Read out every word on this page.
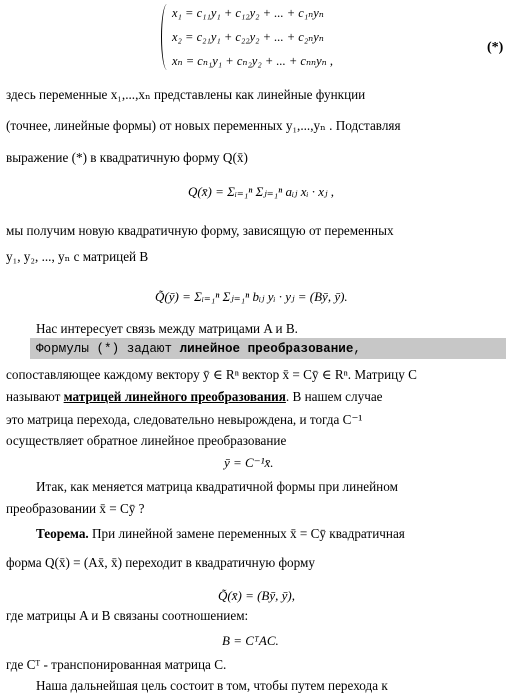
x₁ = c₁₁y₁ + c₁₂y₂ + ... + c₁ₙyₙ
x₂ = c₂₁y₁ + c₂₂y₂ + ... + c₂ₙyₙ
xₙ = cₙ₁y₁ + cₙ₂y₂ + ... + cₙₙyₙ ,
(*)
здесь переменные x₁,...,xₙ представлены как линейные функции
(точнее, линейные формы) от новых переменных y₁,...,yₙ . Подставляя
выражение (*) в квадратичную форму Q(x̄)
Q(x̄) = Σᵢ₌₁ⁿ Σⱼ₌₁ⁿ aᵢⱼ xᵢ · xⱼ ,
мы получим новую квадратичную форму, зависящую от переменных
y₁, y₂, ..., yₙ с матрицей B
Q̃(ȳ) = Σᵢ₌₁ⁿ Σⱼ₌₁ⁿ bᵢⱼ yᵢ · yⱼ = (Bȳ, ȳ).
Нас интересует связь между матрицами A и B.
Формулы (*) задают линейное преобразование,
сопоставляющее каждому вектору ȳ ∈ Rⁿ вектор x̄ = Cȳ ∈ Rⁿ. Матрицу C
называют матрицей линейного преобразования. В нашем случае
это матрица перехода, следовательно невырождена, и тогда C⁻¹
осуществляет обратное линейное преобразование
ȳ = C⁻¹x̄.
Итак, как меняется матрица квадратичной формы при линейном
преобразовании x̄ = Cȳ ?
Теорема. При линейной замене переменных x̄ = Cȳ квадратичная
форма Q(x̄) = (Ax̄, x̄) переходит в квадратичную форму
Q̃(x̄) = (Bȳ, ȳ),
где матрицы A и B связаны соотношением:
B = CᵀAC.
где Cᵀ - транспонированная матрица C.
Наша дальнейшая цель состоит в том, чтобы путем перехода к
